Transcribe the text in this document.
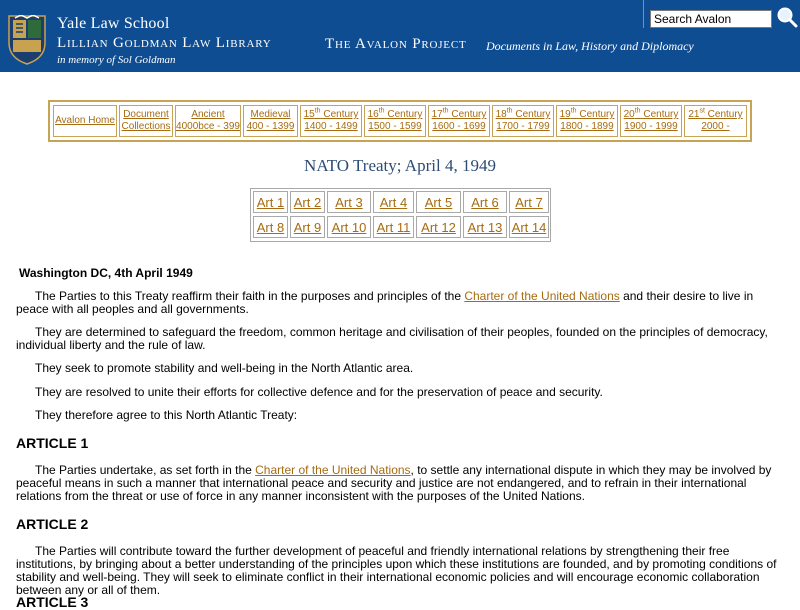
Yale Law School
Lillian Goldman Law Library
in memory of Sol Goldman
The Avalon Project Documents in Law, History and Diplomacy
Search Avalon
Avalon Home
Document
Collections
Ancient
4000bce - 399
Medieval
400 - 1399
15th Century
1400 - 1499
16th Century
1500 - 1599
17th Century
1600 - 1699
18th Century
1700 - 1799
19th Century
1800 - 1899
20th Century
1900 - 1999
21st Century
2000 -
NATO Treaty; April 4, 1949
Art 1 Art 2 Art 3 Art 4 Art 5 Art 6 Art 7
Art 8 Art 9 Art 10 Art 11 Art 12 Art 13 Art 14
Washington DC, 4th April 1949
The Parties to this Treaty reaffirm their faith in the purposes and principles of the Charter of the United Nations and their desire to live in peace with all peoples and all governments.
They are determined to safeguard the freedom, common heritage and civilisation of their peoples, founded on the principles of democracy, individual liberty and the rule of law.
They seek to promote stability and well-being in the North Atlantic area.
They are resolved to unite their efforts for collective defence and for the preservation of peace and security.
They therefore agree to this North Atlantic Treaty:
ARTICLE 1
The Parties undertake, as set forth in the Charter of the United Nations, to settle any international dispute in which they may be involved by peaceful means in such a manner that international peace and security and justice are not endangered, and to refrain in their international relations from the threat or use of force in any manner inconsistent with the purposes of the United Nations.
ARTICLE 2
The Parties will contribute toward the further development of peaceful and friendly international relations by strengthening their free institutions, by bringing about a better understanding of the principles upon which these institutions are founded, and by promoting conditions of stability and well-being. They will seek to eliminate conflict in their international economic policies and will encourage economic collaboration between any or all of them.
ARTICLE 3
